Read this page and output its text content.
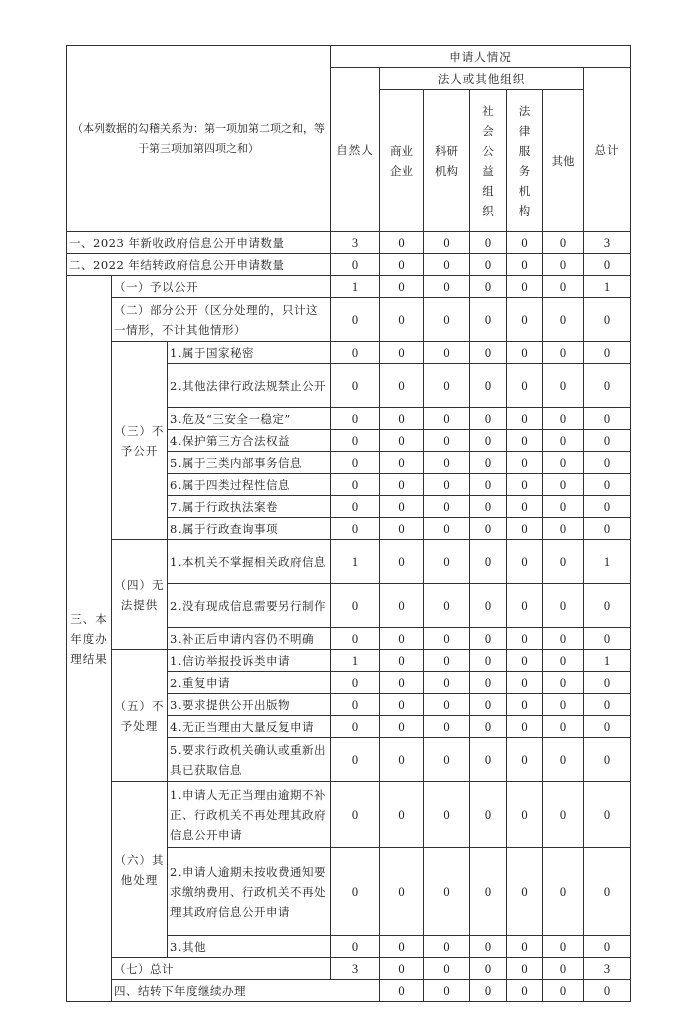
（本列数据的勾稽关系为：第一项加第二项之和，等于第三项加第四项之和）			申请人情况							
			自然人	法人或其他组织					总计	
				商业企业	科研机构	社会公益组织	法律服务机构	其他		
一、2023 年新收政府信息公开申请数量			3	0	0	0	0	0	3	
二、2022 年结转政府信息公开申请数量			0	0	0	0	0	0	0	
三、本年度办理结果	（一）予以公开		1	0	0	0	0	0	1	
	（二）部分公开（区分处理的，只计这一情形，不计其他情形）		0	0	0	0	0	0	0	
	（三）不予公开	1.属于国家秘密	0	0	0	0	0	0	0	
		2.其他法律行政法规禁止公开	0	0	0	0	0	0	0	
		3.危及“三安全一稳定”	0	0	0	0	0	0	0	
		4.保护第三方合法权益	0	0	0	0	0	0	0	
		5.属于三类内部事务信息	0	0	0	0	0	0	0	
		6.属于四类过程性信息	0	0	0	0	0	0	0	
		7.属于行政执法案卷	0	0	0	0	0	0	0	
		8.属于行政查询事项	0	0	0	0	0	0	0	
	（四）无法提供	1.本机关不掌握相关政府信息	1	0	0	0	0	0	1	
		2.没有现成信息需要另行制作	0	0	0	0	0	0	0	
		3.补正后申请内容仍不明确	0	0	0	0	0	0	0	
	（五）不予处理	1.信访举报投诉类申请	1	0	0	0	0	0	1	
		2.重复申请	0	0	0	0	0	0	0	
		3.要求提供公开出版物	0	0	0	0	0	0	0	
		4.无正当理由大量反复申请	0	0	0	0	0	0	0	
		5.要求行政机关确认或重新出具已获取信息	0	0	0	0	0	0	0	
	（六）其他处理	1.申请人无正当理由逾期不补正、行政机关不再处理其政府信息公开申请	0	0	0	0	0	0	0	
		2.申请人逾期未按收费通知要求缴纳费用、行政机关不再处理其政府信息公开申请	0	0	0	0	0	0	0	
		3.其他	0	0	0	0	0	0	0	
	（七）总计		3	0	0	0	0	0	3	
	四、结转下年度继续办理			0	0	0	0	0	0	
